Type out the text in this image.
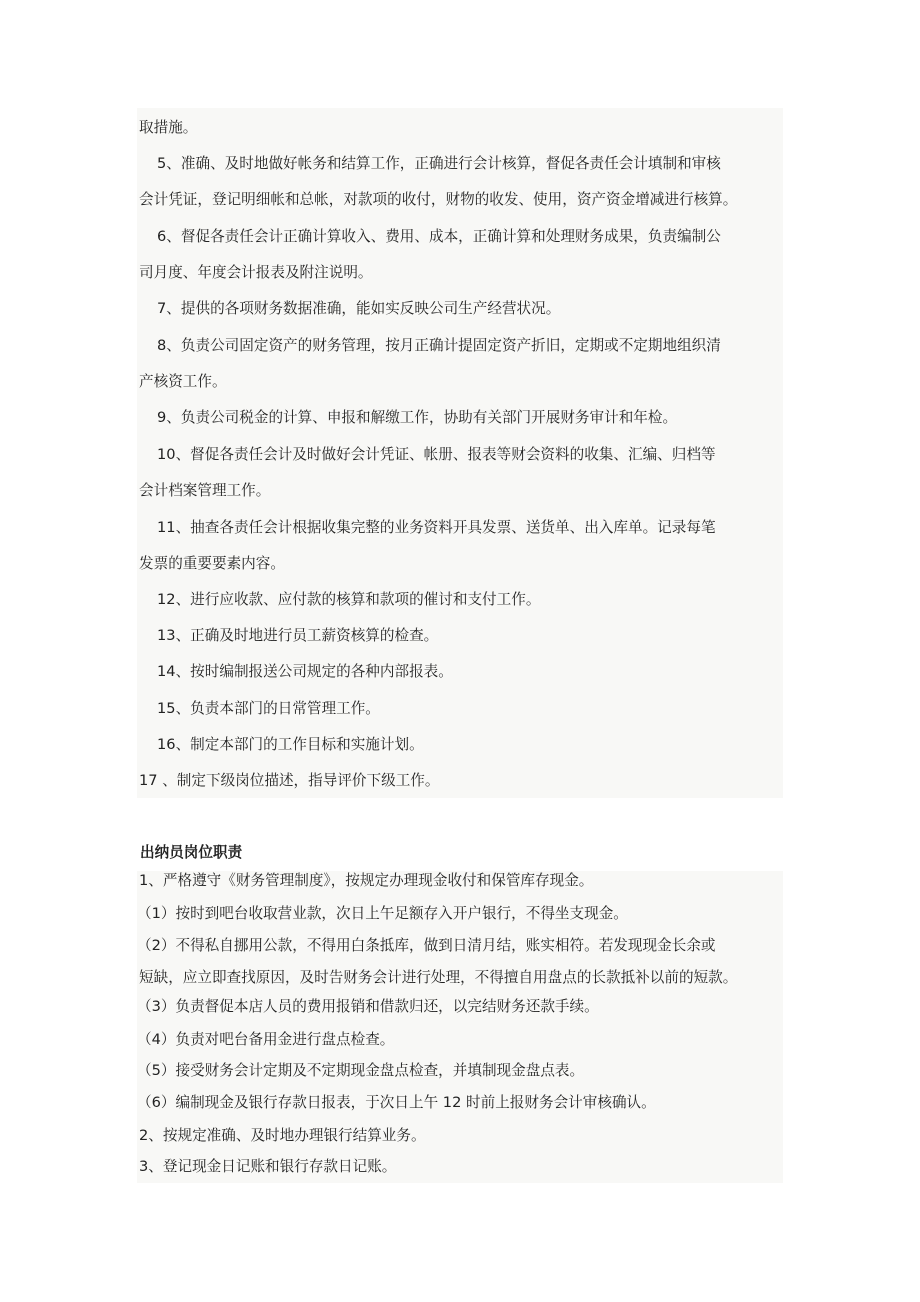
取措施。
5、准确、及时地做好帐务和结算工作，正确进行会计核算，督促各责任会计填制和审核
会计凭证，登记明细帐和总帐，对款项的收付，财物的收发、使用，资产资金增减进行核算。
6、督促各责任会计正确计算收入、费用、成本，正确计算和处理财务成果，负责编制公
司月度、年度会计报表及附注说明。
7、提供的各项财务数据准确，能如实反映公司生产经营状况。
8、负责公司固定资产的财务管理，按月正确计提固定资产折旧，定期或不定期地组织清
产核资工作。
9、负责公司税金的计算、申报和解缴工作，协助有关部门开展财务审计和年检。
10、督促各责任会计及时做好会计凭证、帐册、报表等财会资料的收集、汇编、归档等
会计档案管理工作。
11、抽查各责任会计根据收集完整的业务资料开具发票、送货单、出入库单。记录每笔
发票的重要要素内容。
12、进行应收款、应付款的核算和款项的催讨和支付工作。
13、正确及时地进行员工薪资核算的检查。
14、按时编制报送公司规定的各种内部报表。
15、负责本部门的日常管理工作。
16、制定本部门的工作目标和实施计划。
17 、制定下级岗位描述，指导评价下级工作。
出纳员岗位职责
1、严格遵守《财务管理制度》，按规定办理现金收付和保管库存现金。
（1）按时到吧台收取营业款，次日上午足额存入开户银行，不得坐支现金。
（2）不得私自挪用公款，不得用白条抵库，做到日清月结，账实相符。若发现现金长余或
短缺，应立即查找原因，及时告财务会计进行处理，不得擅自用盘点的长款抵补以前的短款。
（3）负责督促本店人员的费用报销和借款归还，以完结财务还款手续。
（4）负责对吧台备用金进行盘点检查。
（5）接受财务会计定期及不定期现金盘点检查，并填制现金盘点表。
（6）编制现金及银行存款日报表，于次日上午 12 时前上报财务会计审核确认。
2、按规定准确、及时地办理银行结算业务。
3、登记现金日记账和银行存款日记账。
